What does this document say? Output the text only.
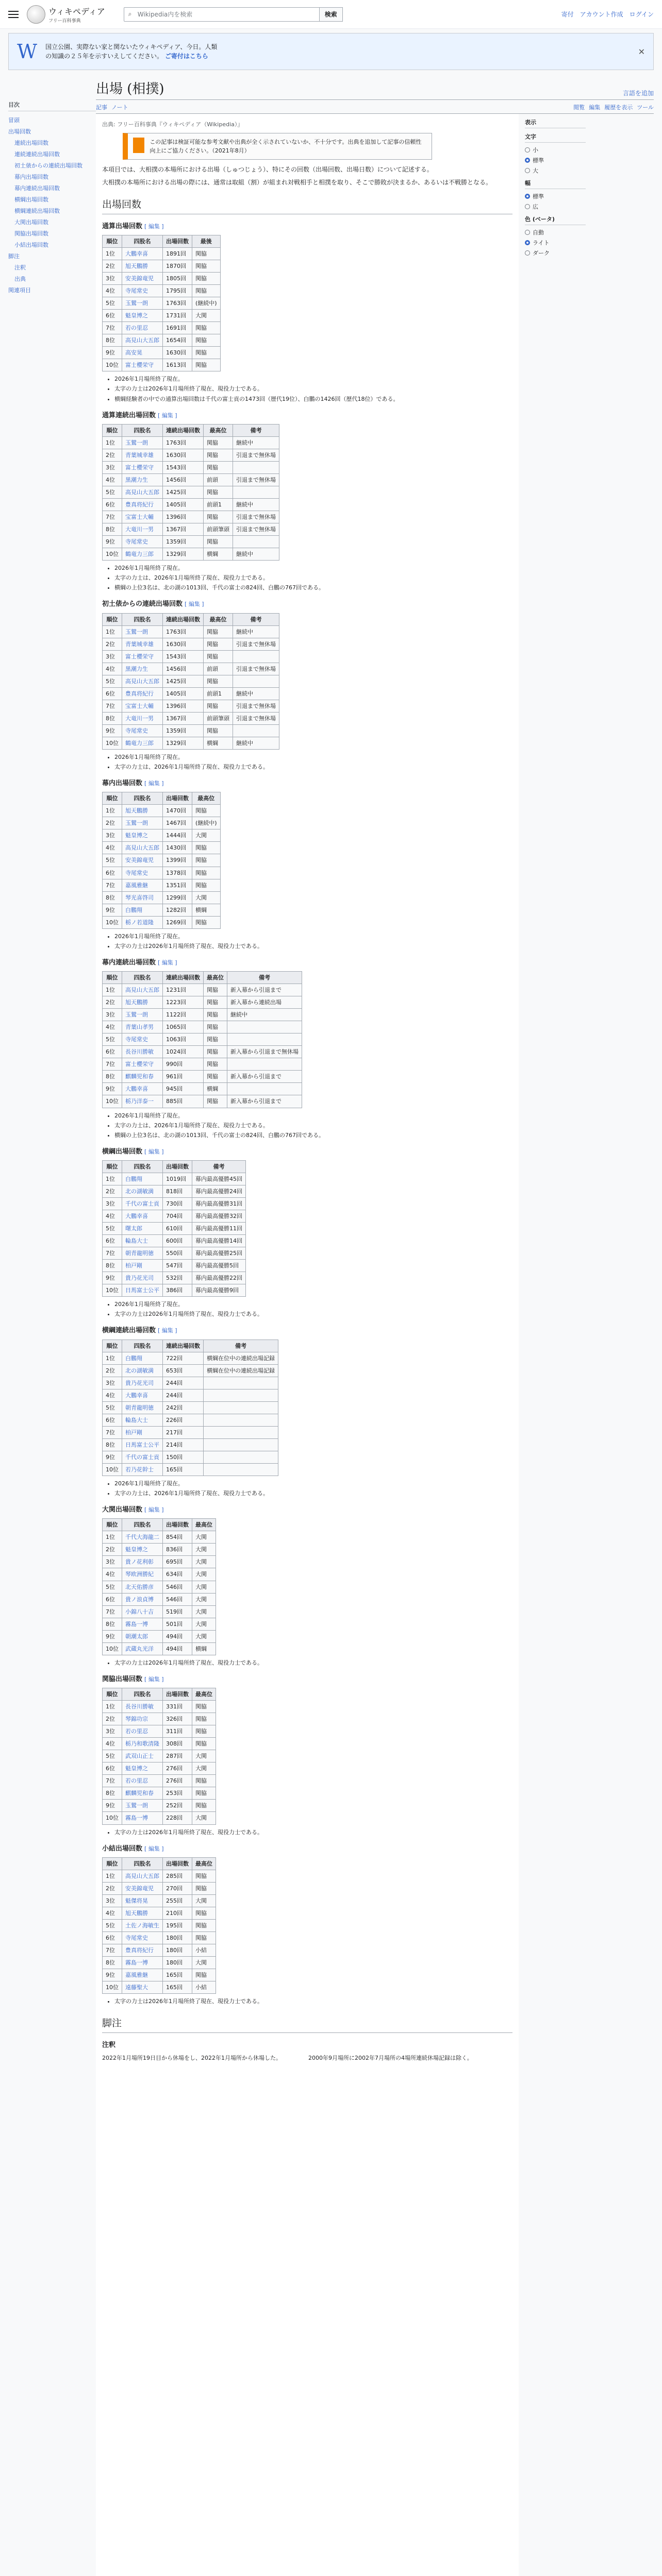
ウィキペディア
フリー百科事典
⌕ Wikipedia内を検索	検索	寄付 アカウント作成 ログイン
W 国立公園、実際ない家と関ないたウィキペディア、今日。人類の知識の２５年を示すいえしてください。 ご寄付はこちら	✕
目次
冒頭
出場回数
連続出場回数
連続連続出場回数
初土俵からの連続出場回数
幕内出場回数
幕内連続出場回数
横綱出場回数
横綱連続出場回数
大関出場回数
関脇出場回数
小結出場回数
脚注
注釈
出典
関連項目
出場 (相撲)	言語を追加
記事 ノート	閲覧 編集 履歴を表示 ツール
出典: フリー百科事典『ウィキペディア（Wikipedia）』
この記事は検証可能な参考文献や出典が全く示されていないか、不十分です。出典を追加して記事の信頼性向上にご協力ください。（2021年8月）

本項目では、大相撲の本場所における出場（しゅつじょう）、特にその回数（出場回数、出場日数）について記述する。

大相撲の本場所における出場の際には、通常は取組（割）が組まれ対戦相手と相撲を取り、そこで勝敗が決まるか、あるいは不戦勝となる。

出場回数
通算出場回数 [ 編集 ]
順位	四股名	出場回数	最後
1位	大鵬幸喜	1891回	関脇
2位	旭天鵬勝	1870回	関脇
3位	安美錦竜児	1805回	関脇
4位	寺尾常史	1795回	関脇
5位	玉鷲一朗	1763回	(継続中)
6位	魁皇博之	1731回	大関
7位	若の里忍	1691回	関脇
8位	高見山大五郎	1654回	関脇
9位	高安晃	1630回	関脇
10位	富士櫻栄守	1613回	関脇
• 2026年1月場所終了現在。
• 太字の力士は2026年1月場所終了現在、現役力士である。
• 横綱経験者の中での通算出場回数は千代の富士貢の1473回（歴代19位）、白鵬の1426回（歴代18位）である。
通算連続出場回数 [ 編集 ]
順位	四股名	連続出場回数	最高位	備考
1位	玉鷲一朗	1763回	関脇	継続中
2位	青葉城幸雄	1630回	関脇	引退まで無休場
3位	富士櫻栄守	1543回	関脇	
4位	黒潮力生	1456回	前頭	引退まで無休場
5位	高見山大五郎	1425回	関脇	
6位	豊真将紀行	1405回	前頭1	継続中
7位	宝富士大輔	1396回	関脇	引退まで無休場
8位	大竜川一男	1367回	前頭筆頭	引退まで無休場
9位	寺尾常史	1359回	関脇	
10位	鶴竜力三郎	1329回	横綱	継続中
• 2026年1月場所終了現在。
• 太字の力士は、2026年1月場所終了現在、現役力士である。
• 横綱の上位3名は、北の湖の1013回、千代の富士の824回、白鵬の767回である。
初土俵からの連続出場回数 [ 編集 ]
順位	四股名	連続出場回数	最高位	備考
1位	玉鷲一朗	1763回	関脇	継続中
2位	青葉城幸雄	1630回	関脇	引退まで無休場
3位	富士櫻栄守	1543回	関脇	
4位	黒潮力生	1456回	前頭	引退まで無休場
5位	高見山大五郎	1425回	関脇	
6位	豊真将紀行	1405回	前頭1	継続中
7位	宝富士大輔	1396回	関脇	引退まで無休場
8位	大竜川一男	1367回	前頭筆頭	引退まで無休場
9位	寺尾常史	1359回	関脇	
10位	鶴竜力三郎	1329回	横綱	継続中
• 2026年1月場所終了現在。
• 太字の力士は、2026年1月場所終了現在、現役力士である。
幕内出場回数 [ 編集 ]
順位	四股名	出場回数	最高位
1位	旭天鵬勝	1470回	関脇
2位	玉鷲一朗	1467回	(継続中)
3位	魁皇博之	1444回	大関
4位	高見山大五郎	1430回	関脇
5位	安美錦竜児	1399回	関脇
6位	寺尾常史	1378回	関脇
7位	嘉風雅継	1351回	関脇
8位	琴光喜啓司	1299回	大関
9位	白鵬翔	1282回	横綱
10位	栃ノ若道隆	1269回	関脇
• 2026年1月場所終了現在。
• 太字の力士は2026年1月場所終了現在、現役力士である。
幕内連続出場回数 [ 編集 ]
順位	四股名	連続出場回数	最高位	備考
1位	高見山大五郎	1231回	関脇	新入幕から引退まで
2位	旭天鵬勝	1223回	関脇	新入幕から連続出場
3位	玉鷲一朗	1122回	関脇	継続中
4位	青葉山孝男	1065回	関脇	
5位	寺尾常史	1063回	関脇	
6位	長谷川勝敏	1024回	関脇	新入幕から引退まで無休場
7位	富士櫻栄守	990回	関脇	
8位	麒麟児和春	961回	関脇	新入幕から引退まで
9位	大鵬幸喜	945回	横綱	
10位	栃乃洋泰一	885回	関脇	新入幕から引退まで
• 2026年1月場所終了現在。
• 太字の力士は、2026年1月場所終了現在、現役力士である。
• 横綱の上位3名は、北の湖の1013回、千代の富士の824回、白鵬の767回である。
横綱出場回数 [ 編集 ]
順位	四股名	出場回数	備考
1位	白鵬翔	1019回	幕内最高優勝45回
2位	北の湖敏満	818回	幕内最高優勝24回
3位	千代の富士貢	730回	幕内最高優勝31回
4位	大鵬幸喜	704回	幕内最高優勝32回
5位	曙太郎	610回	幕内最高優勝11回
6位	輪島大士	600回	幕内最高優勝14回
7位	朝青龍明徳	550回	幕内最高優勝25回
8位	柏戸剛	547回	幕内最高優勝5回
9位	貴乃花光司	532回	幕内最高優勝22回
10位	日馬富士公平	386回	幕内最高優勝9回
• 2026年1月場所終了現在。
• 太字の力士は2026年1月場所終了現在、現役力士である。
横綱連続出場回数 [ 編集 ]
順位	四股名	連続出場回数	備考
1位	白鵬翔	722回	横綱在位中の連続出場記録
2位	北の湖敏満	653回	横綱在位中の連続出場記録
3位	貴乃花光司	244回	
4位	大鵬幸喜	244回	
5位	朝青龍明徳	242回	
6位	輪島大士	226回	
7位	柏戸剛	217回	
8位	日馬富士公平	214回	
9位	千代の富士貢	150回	
10位	若乃花幹士	165回	
• 2026年1月場所終了現在。
• 太字の力士は、2026年1月場所終了現在、現役力士である。
大関出場回数 [ 編集 ]
順位	四股名	出場回数	最高位
1位	千代大海龍二	854回	大関
2位	魁皇博之	836回	大関
3位	貴ノ花利彰	695回	大関
4位	琴欧洲勝紀	634回	大関
5位	北天佑勝彦	546回	大関
6位	貴ノ浪貞博	546回	大関
7位	小錦八十吉	519回	大関
8位	霧島一博	501回	大関
9位	朝潮太郎	494回	大関
10位	武蔵丸光洋	494回	横綱
• 太字の力士は2026年1月場所終了現在、現役力士である。
関脇出場回数 [ 編集 ]
順位	四股名	出場回数	最高位
1位	長谷川勝敏	331回	関脇
2位	琴錦功宗	326回	関脇
3位	若の里忍	311回	関脇
4位	栃乃和歌清隆	308回	関脇
5位	武双山正士	287回	大関
6位	魁皇博之	276回	大関
7位	若の里忍	276回	関脇
8位	麒麟児和春	253回	関脇
9位	玉鷲一朗	252回	関脇
10位	霧島一博	228回	大関
• 太字の力士は2026年1月場所終了現在、現役力士である。
小結出場回数 [ 編集 ]
順位	四股名	出場回数	最高位
1位	高見山大五郎	285回	関脇
2位	安美錦竜児	270回	関脇
3位	魁傑将晃	255回	大関
4位	旭天鵬勝	210回	関脇
5位	土佐ノ海敏生	195回	関脇
6位	寺尾常史	180回	関脇
7位	豊真将紀行	180回	小結
8位	霧島一博	180回	大関
9位	嘉風雅継	165回	関脇
10位	遠藤聖大	165回	小結
• 太字の力士は2026年1月場所終了現在、現役力士である。
脚注
注釈
2022年1月場所19日目から休場をし、2022年1月場所から休場した。	2000年9月場所に2002年7月場所の4場所連続休場記録は除く。
表示
文字
小
標準
大
幅
標準
広
色 (ベータ)
自動
ライト
ダーク
